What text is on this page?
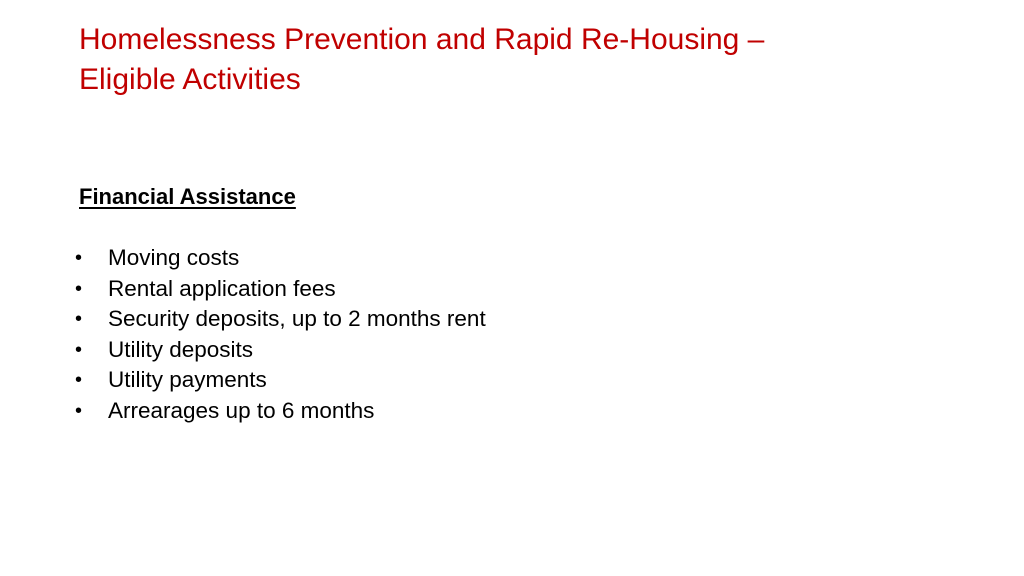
Homelessness Prevention and Rapid Re-Housing –
Eligible Activities
Financial Assistance
•	Moving costs
•	Rental application fees
•	Security deposits, up to 2 months rent
•	Utility deposits
•	Utility payments
•	Arrearages up to 6 months
